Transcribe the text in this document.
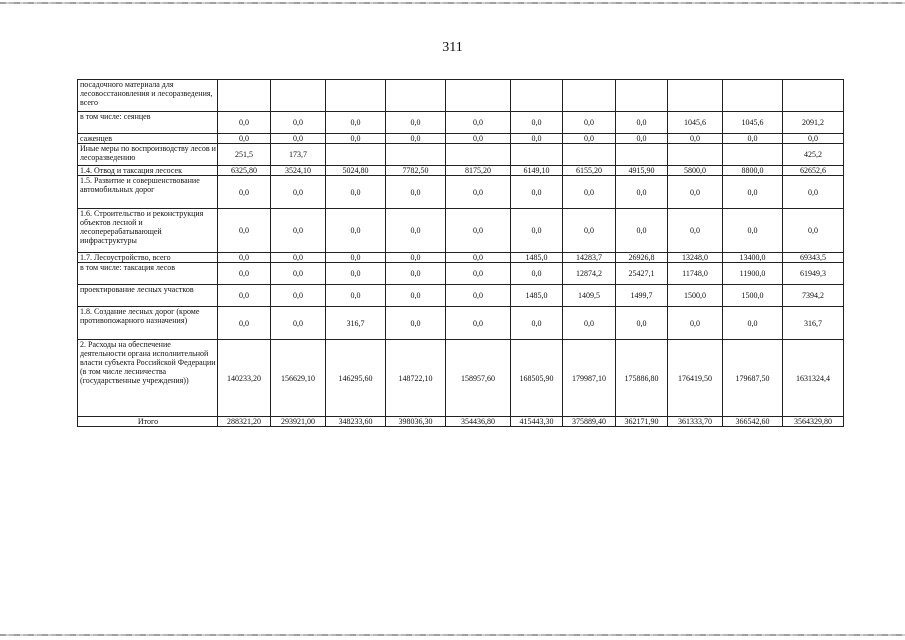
311
посадочного материала для лесовосстановления и лесоразведения, всего											
в том числе: сеянцев	0,0	0,0	0,0	0,0	0,0	0,0	0,0	0,0	1045,6	1045,6	2091,2
саженцев	0,0	0,0	0,0	0,0	0,0	0,0	0,0	0,0	0,0	0,0	0,0
Иные меры по воспроизводству лесов и лесоразведению	251,5	173,7									425,2
1.4. Отвод и таксация лесосек	6325,80	3524,10	5024,80	7782,50	8175,20	6149,10	6155,20	4915,90	5800,0	8800,0	62652,6
1.5. Развитие и совершенствование автомобильных дорог	0,0	0,0	0,0	0,0	0,0	0,0	0,0	0,0	0,0	0,0	0,0
1.6. Строительство и реконструкция объектов лесной и лесоперерабатывающей инфраструктуры	0,0	0,0	0,0	0,0	0,0	0,0	0,0	0,0	0,0	0,0	0,0
1.7. Лесоустройство, всего	0,0	0,0	0,0	0,0	0,0	1485,0	14283,7	26926,8	13248,0	13400,0	69343,5
в том числе: таксация лесов	0,0	0,0	0,0	0,0	0,0	0,0	12874,2	25427,1	11748,0	11900,0	61949,3
проектирование лесных участков	0,0	0,0	0,0	0,0	0,0	1485,0	1409,5	1499,7	1500,0	1500,0	7394,2
1.8. Создание лесных дорог (кроме противопожарного назначения)	0,0	0,0	316,7	0,0	0,0	0,0	0,0	0,0	0,0	0,0	316,7
2. Расходы на обеспечение деятельности органа исполнительной власти субъекта Российской Федерации (в том числе лесничества (государственные учреждения))	140233,20	156629,10	146295,60	148722,10	158957,60	168505,90	179987,10	175886,80	176419,50	179687,50	1631324,4
Итого	288321,20	293921,00	348233,60	398036,30	354436,80	415443,30	375889,40	362171,90	361333,70	366542,60	3564329,80
